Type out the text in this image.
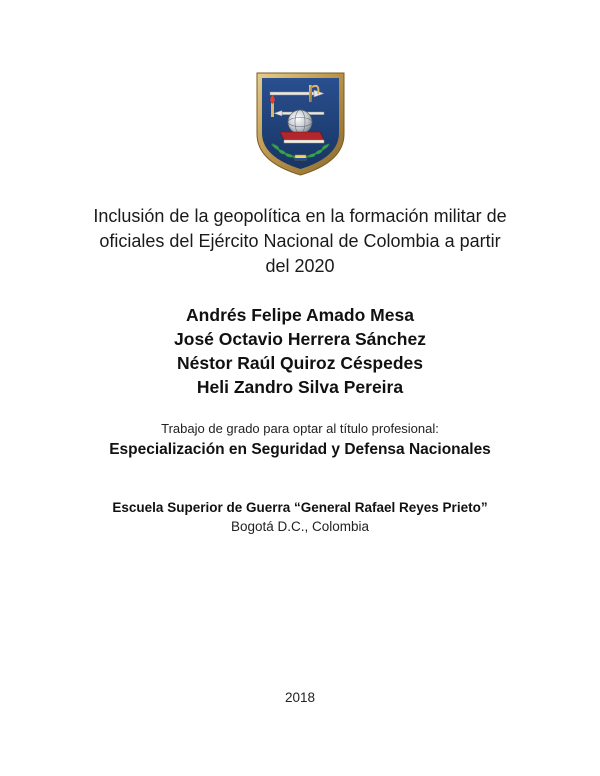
Inclusión de la geopolítica en la formación militar de
oficiales del Ejército Nacional de Colombia a partir
del 2020
Andrés Felipe Amado Mesa
José Octavio Herrera Sánchez
Néstor Raúl Quiroz Céspedes
Heli Zandro Silva Pereira
Trabajo de grado para optar al título profesional:
Especialización en Seguridad y Defensa Nacionales
Escuela Superior de Guerra “General Rafael Reyes Prieto”
Bogotá D.C., Colombia
2018
